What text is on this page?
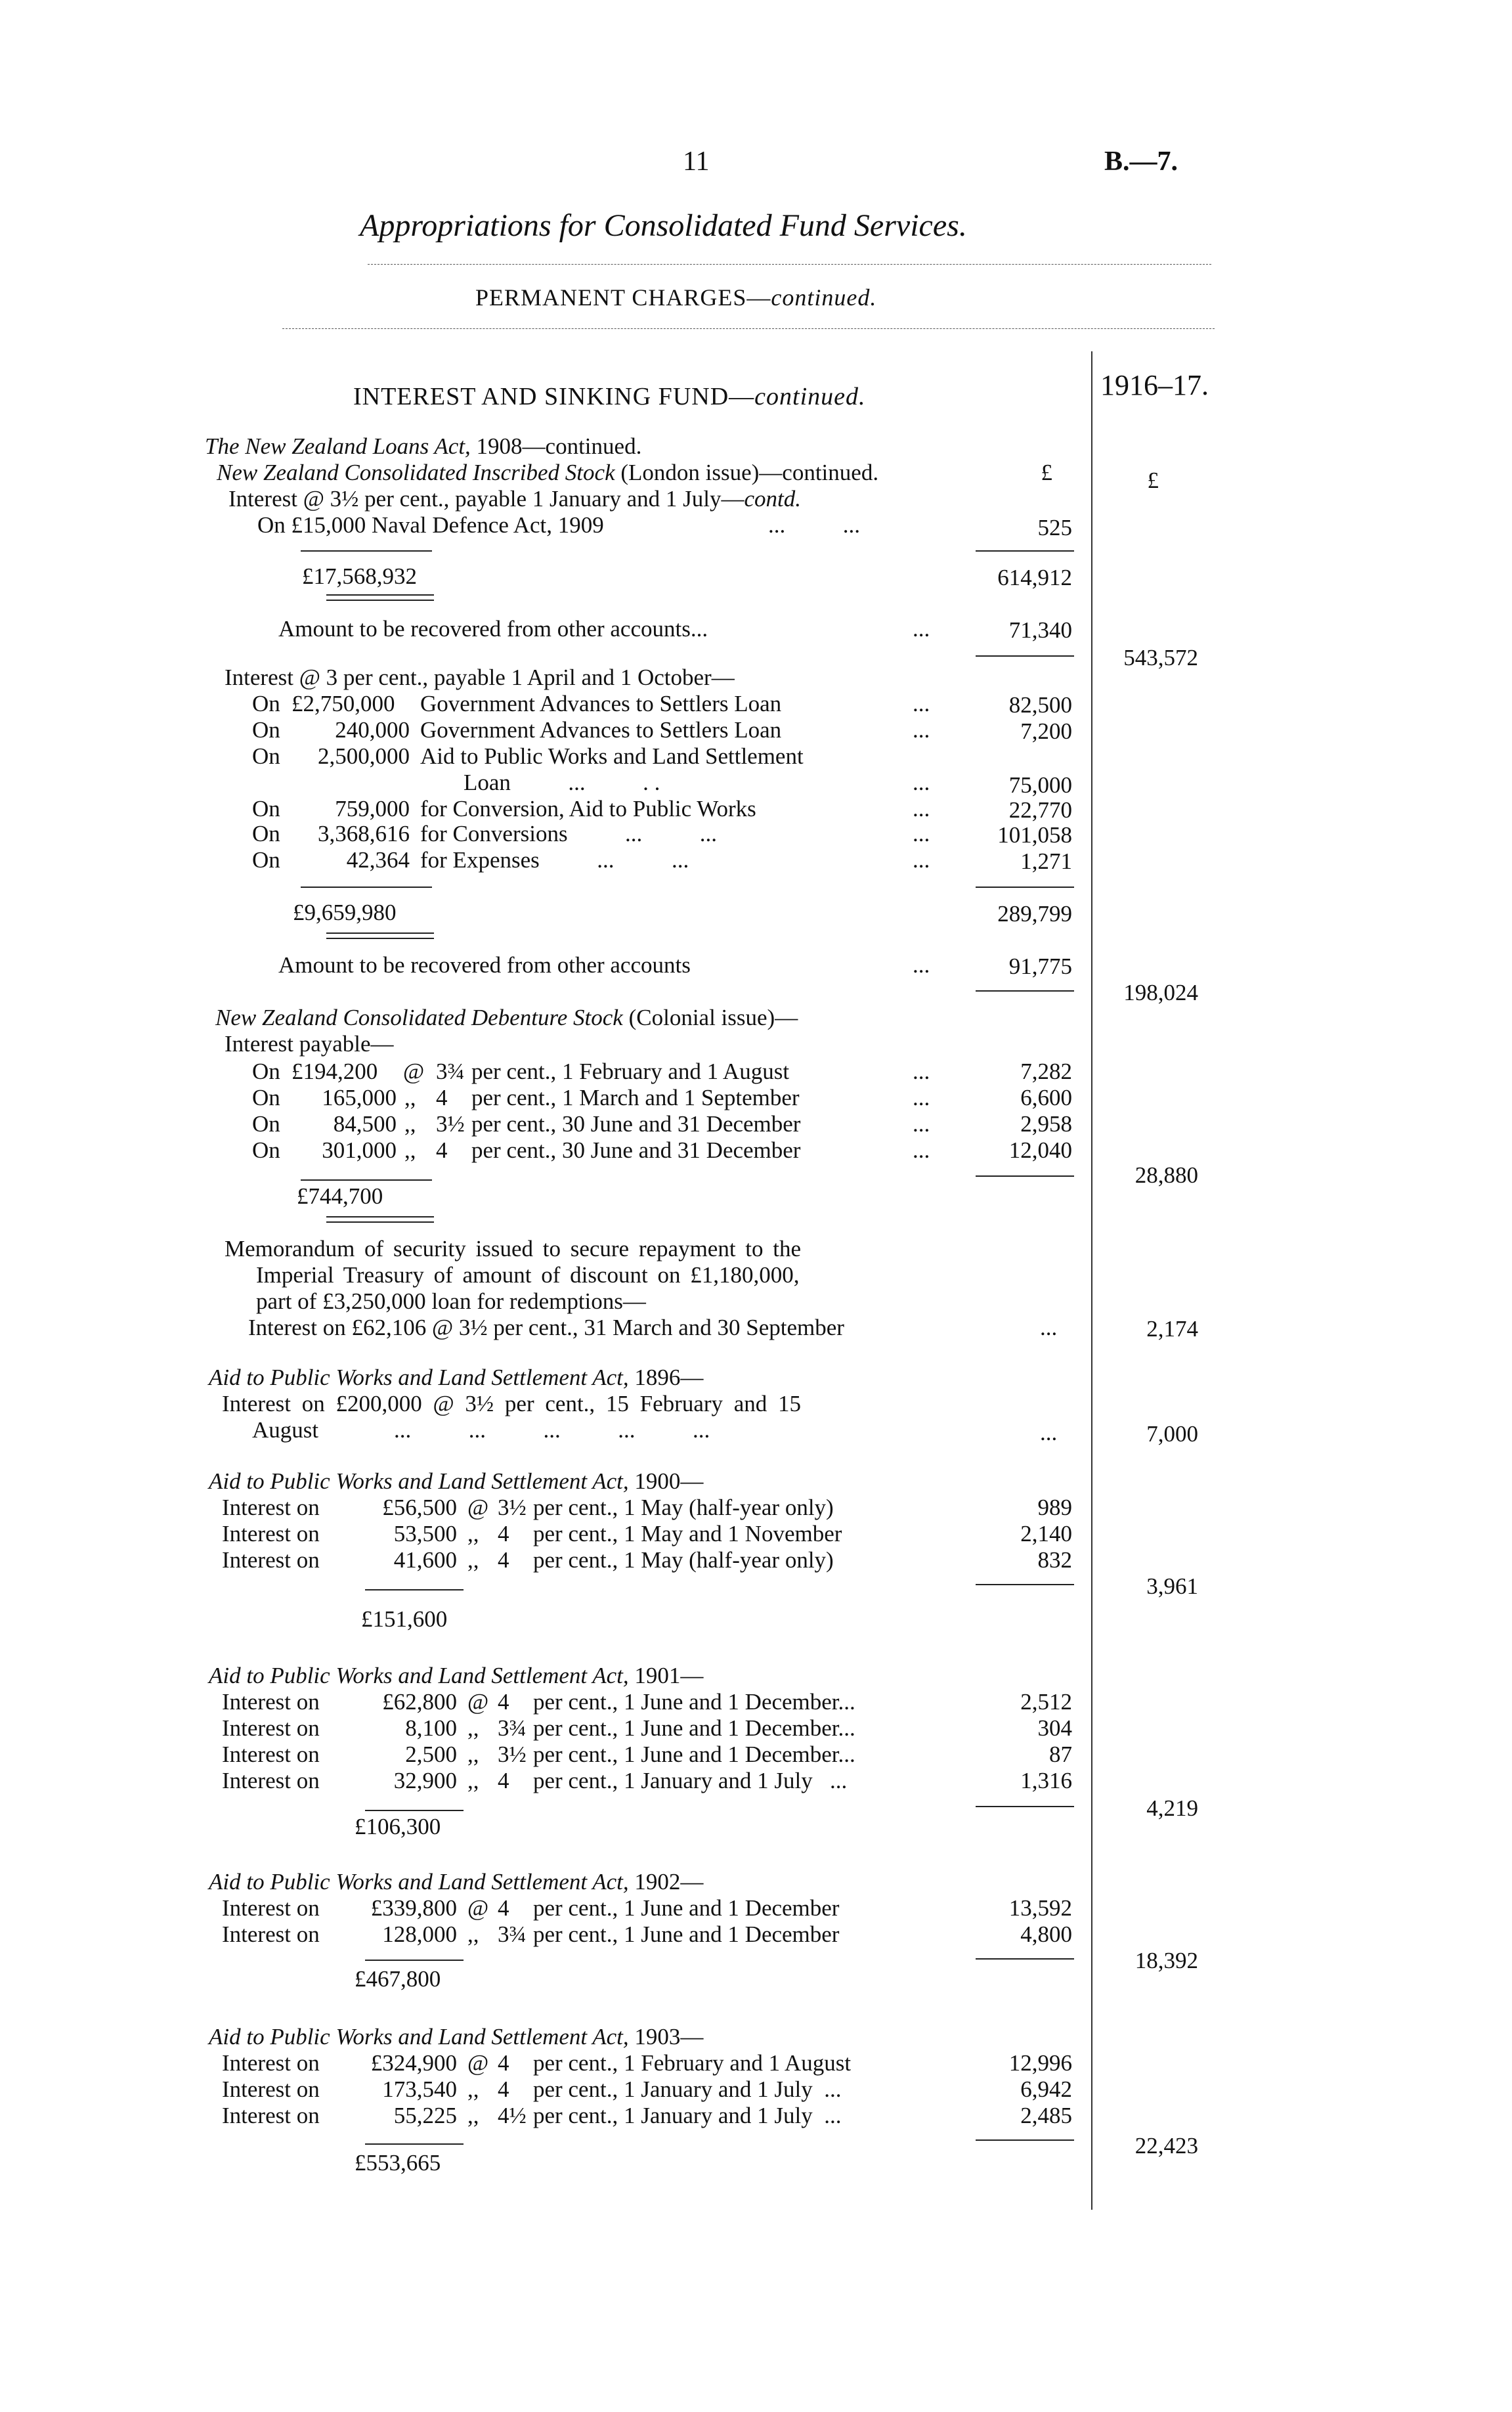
11	B.—7.
Appropriations for Consolidated Fund Services.
PERMANENT CHARGES—continued.
INTEREST AND SINKING FUND—continued.	1916–17.
The New Zealand Loans Act, 1908—continued.
New Zealand Consolidated Inscribed Stock (London issue)—continued.	£	£
Interest @ 3½ per cent., payable 1 January and 1 July—contd.
On £15,000 Naval Defence Act, 1909	...          ...	525
£17,568,932	614,912
Amount to be recovered from other accounts...	...	71,340
543,572
Interest @ 3 per cent., payable 1 April and 1 October—
On £2,750,000 Government Advances to Settlers Loan	...	82,500
On	240,000 Government Advances to Settlers Loan	...	7,200
On	2,500,000 Aid to Public Works and Land Settlement
Loan          ...          . .	...	75,000
On	759,000 for Conversion, Aid to Public Works	...	22,770
On	3,368,616 for Conversions          ...          ...	...	101,058
On	42,364 for Expenses          ...          ...	...	1,271
£9,659,980	289,799
Amount to be recovered from other accounts	...	91,775
198,024
New Zealand Consolidated Debenture Stock (Colonial issue)—
Interest payable—
On £194,200 @ 3¾ per cent., 1 February and 1 August	...	7,282
On	165,000 ,, 4 per cent., 1 March and 1 September	...	6,600
On	84,500 ,, 3½ per cent., 30 June and 31 December	...	2,958
On	301,000 ,, 4 per cent., 30 June and 31 December	...	12,040
28,880
£744,700
Memorandum of security issued to secure repayment to the
Imperial Treasury of amount of discount on £1,180,000,
part of £3,250,000 loan for redemptions—
Interest on £62,106 @ 3½ per cent., 31 March and 30 September	...	2,174
Aid to Public Works and Land Settlement Act, 1896—
Interest on £200,000 @ 3½ per cent., 15 February and 15
August	...          ...          ...          ...          ...	...	7,000
Aid to Public Works and Land Settlement Act, 1900—
Interest on	£56,500 @ 3½ per cent., 1 May (half-year only)	989
Interest on	53,500 ,, 4 per cent., 1 May and 1 November	2,140
Interest on	41,600 ,, 4 per cent., 1 May (half-year only)	832
3,961
£151,600
Aid to Public Works and Land Settlement Act, 1901—
Interest on	£62,800 @ 4 per cent., 1 June and 1 December...	2,512
Interest on	8,100 ,, 3¾ per cent., 1 June and 1 December...	304
Interest on	2,500 ,, 3½ per cent., 1 June and 1 December...	87
Interest on	32,900 ,, 4 per cent., 1 January and 1 July   ...	1,316
4,219
£106,300
Aid to Public Works and Land Settlement Act, 1902—
Interest on	£339,800 @ 4 per cent., 1 June and 1 December	13,592
Interest on	128,000 ,, 3¾ per cent., 1 June and 1 December	4,800
18,392
£467,800
Aid to Public Works and Land Settlement Act, 1903—
Interest on	£324,900 @ 4 per cent., 1 February and 1 August	12,996
Interest on	173,540 ,, 4 per cent., 1 January and 1 July  ...	6,942
Interest on	55,225 ,, 4½ per cent., 1 January and 1 July  ...	2,485
22,423
£553,665
